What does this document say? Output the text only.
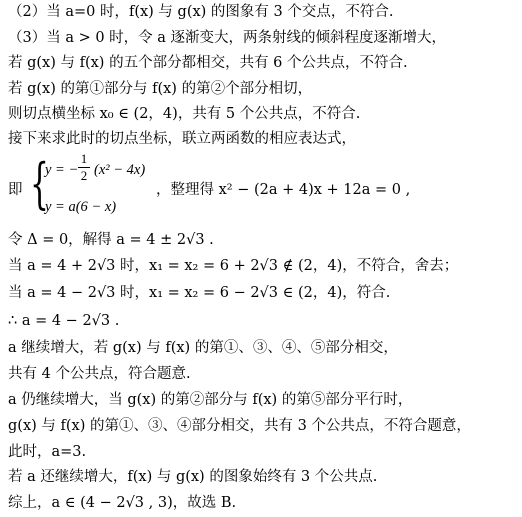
（2）当 a=0 时，f(x) 与 g(x) 的图象有 3 个交点，不符合.
（3）当 a > 0 时，令 a 逐渐变大，两条射线的倾斜程度逐渐增大，
若 g(x) 与 f(x) 的五个部分都相交，共有 6 个公共点，不符合.
若 g(x) 的第①部分与 f(x) 的第②个部分相切，
则切点横坐标 x₀ ∈ (2，4)，共有 5 个公共点，不符合.
接下来求此时的切点坐标，联立两函数的相应表达式，
即 {
y = −
1
2 (x² − 4x)
y = a(6 − x)
，整理得 x² − (2a + 4)x + 12a = 0 ,
令 Δ = 0，解得 a = 4 ± 2√3 .
当 a = 4 + 2√3 时，x₁ = x₂ = 6 + 2√3 ∉ (2，4)，不符合，舍去；
当 a = 4 − 2√3 时，x₁ = x₂ = 6 − 2√3 ∈ (2，4)，符合.
∴ a = 4 − 2√3 .
a 继续增大，若 g(x) 与 f(x) 的第①、③、④、⑤部分相交，
共有 4 个公共点，符合题意.
a 仍继续增大，当 g(x) 的第②部分与 f(x) 的第⑤部分平行时，
g(x) 与 f(x) 的第①、③、④部分相交，共有 3 个公共点，不符合题意，
此时，a=3.
若 a 还继续增大，f(x) 与 g(x) 的图象始终有 3 个公共点.
综上，a ∈ (4 − 2√3 , 3)，故选 B.
